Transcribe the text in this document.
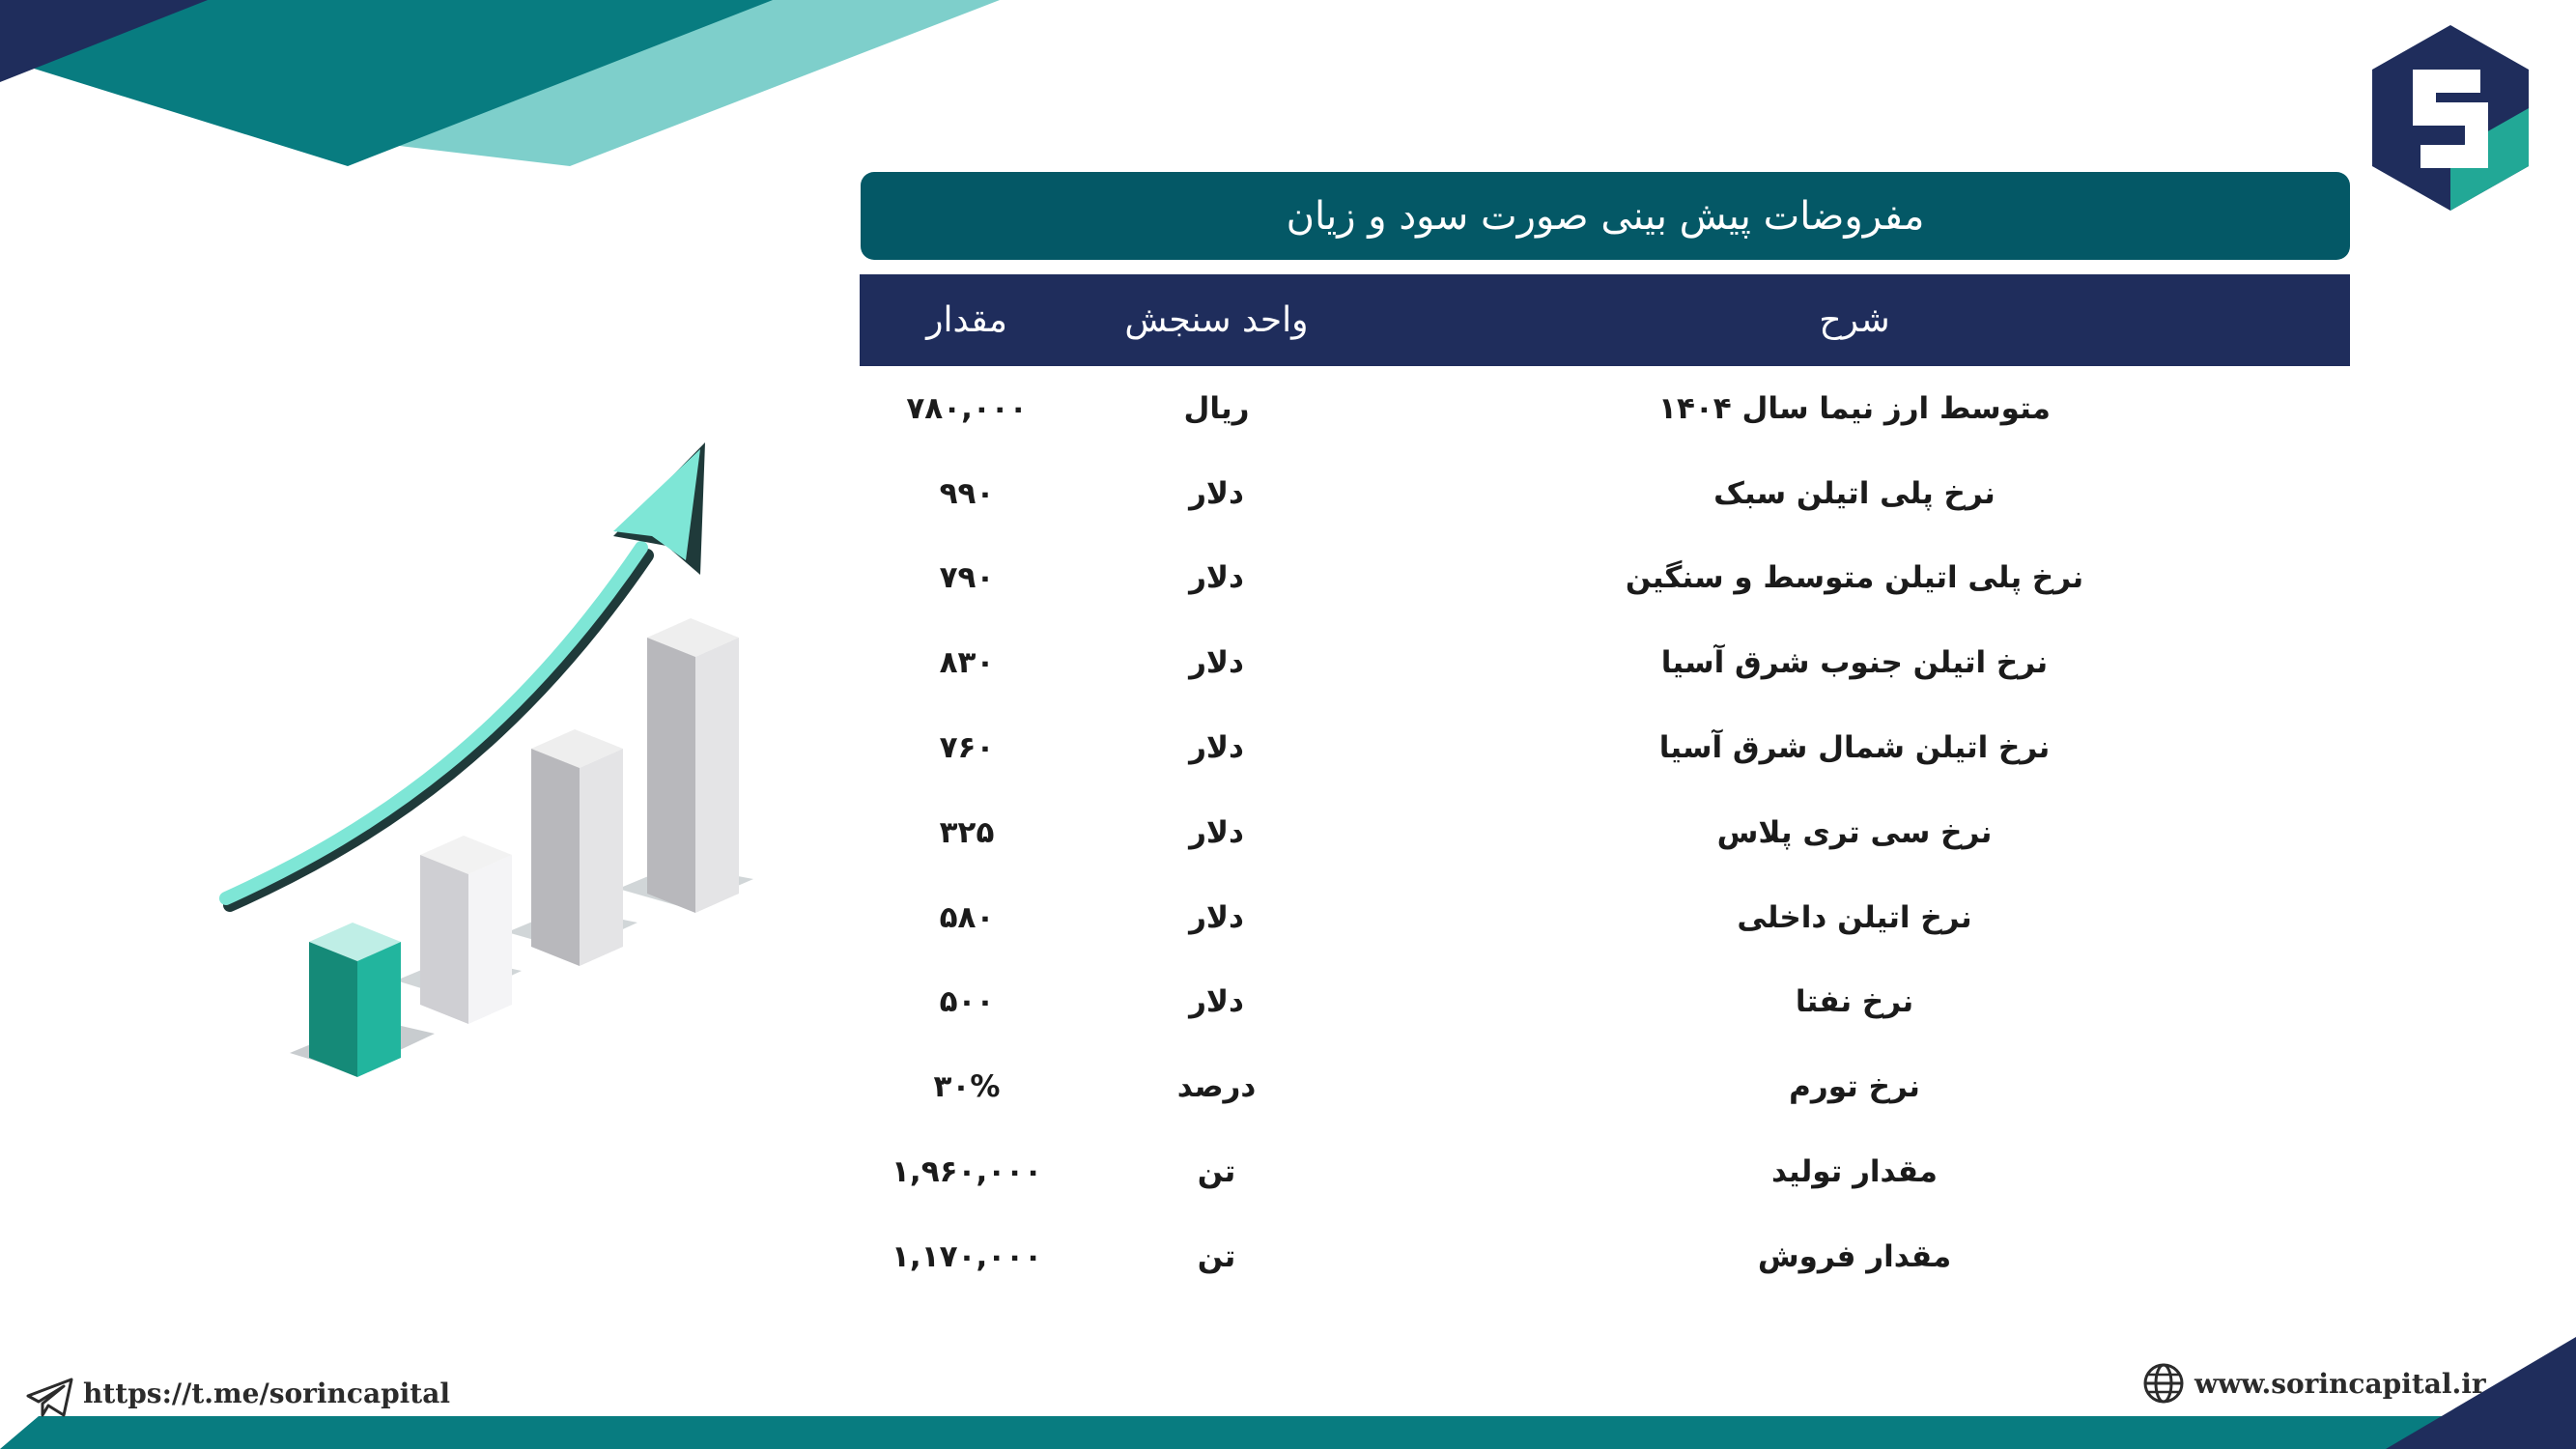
مفروضات پیش بینی صورت سود و زیان
شرح
واحد سنجش
مقدار
متوسط ارز نیما سال ۱۴۰۴
ریال
۷۸۰,۰۰۰
نرخ پلی اتیلن سبک
دلار
۹۹۰
نرخ پلی اتیلن متوسط و سنگین
دلار
۷۹۰
نرخ اتیلن جنوب شرق آسیا
دلار
۸۳۰
نرخ اتیلن شمال شرق آسیا
دلار
۷۶۰
نرخ سی تری پلاس
دلار
۳۲۵
نرخ اتیلن داخلی
دلار
۵۸۰
نرخ نفتا
دلار
۵۰۰
نرخ تورم
درصد
۳۰%
مقدار تولید
تن
۱,۹۶۰,۰۰۰
مقدار فروش
تن
۱,۱۷۰,۰۰۰
https://t.me/sorincapital	www.sorincapital.ir
